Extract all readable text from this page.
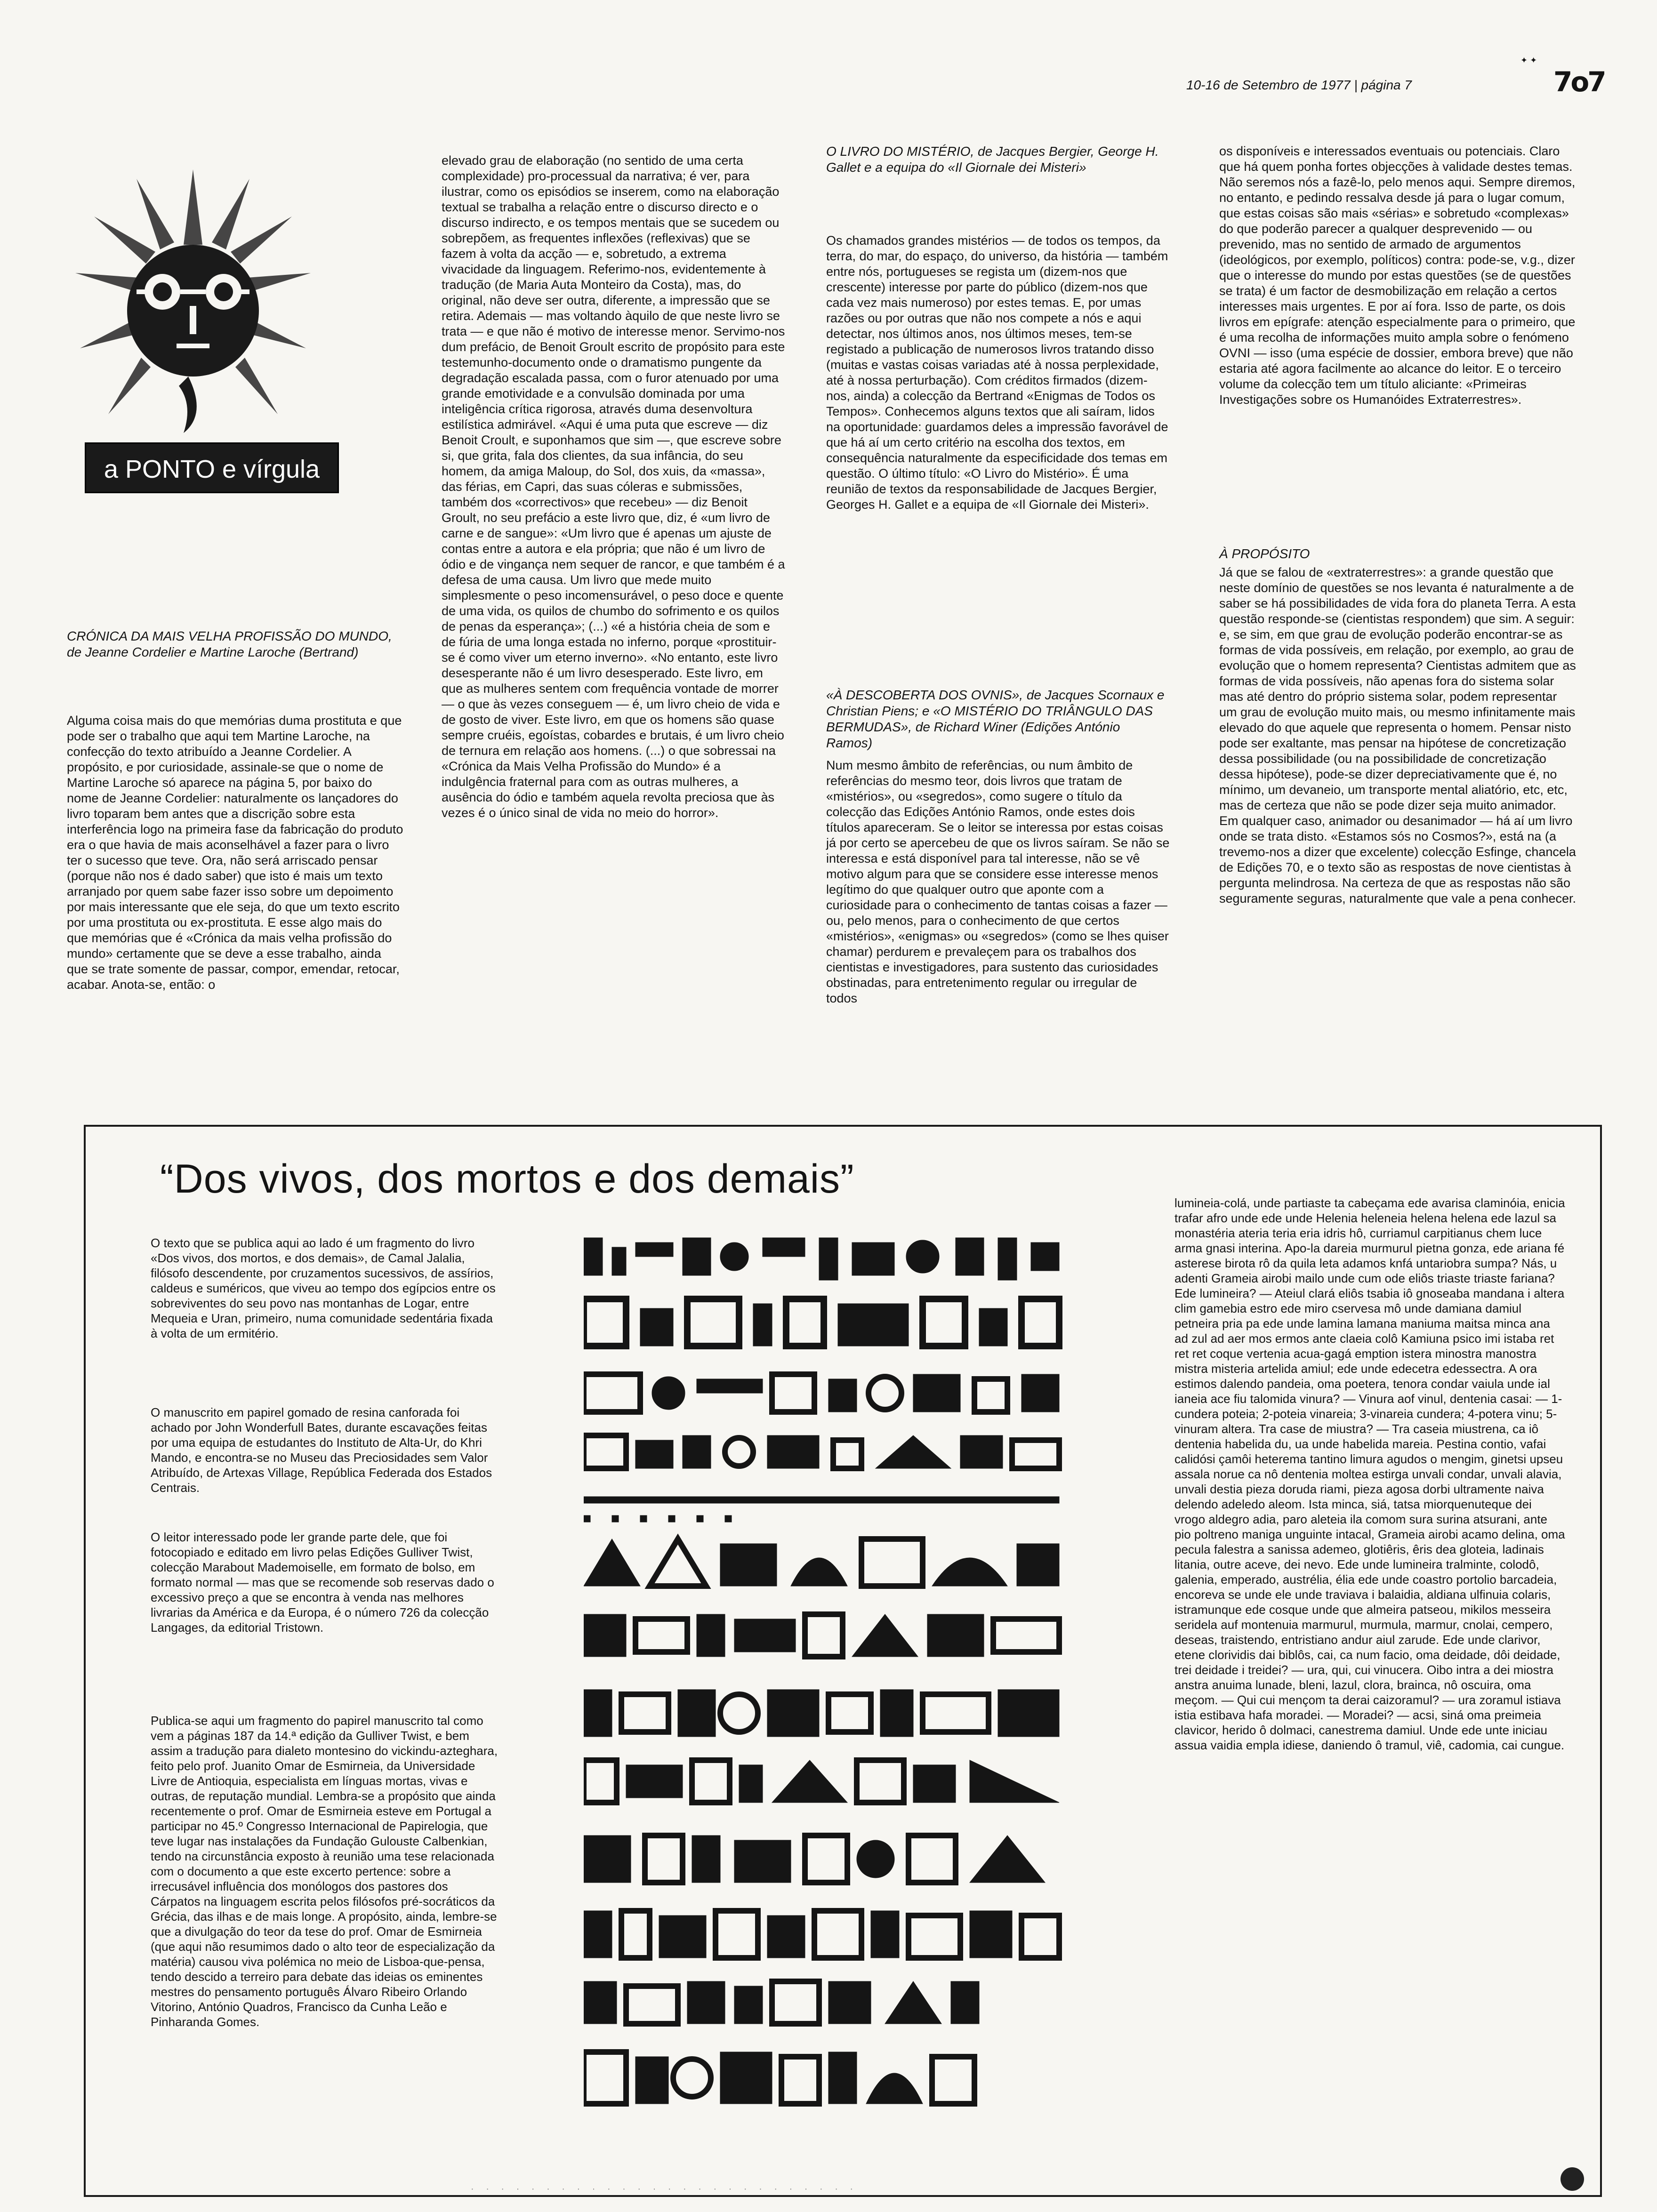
✦ ✦
10-16 de Setembro de 1977 | página 7	7o7
a PONTO e vírgula

CRÓNICA DA MAIS VELHA PROFISSÃO DO MUNDO, de Jeanne Cordelier e Martine Laroche (Bertrand)

Alguma coisa mais do que memórias duma prostituta e que pode ser o trabalho que aqui tem Martine Laroche, na confecção do texto atribuído a Jeanne Cordelier. A propósito, e por curiosidade, assinale-se que o nome de Martine Laroche só aparece na página 5, por baixo do nome de Jeanne Cordelier: naturalmente os lançadores do livro toparam bem antes que a discrição sobre esta interferência logo na primeira fase da fabricação do produto era o que havia de mais aconselhável a fazer para o livro ter o sucesso que teve. Ora, não será arriscado pensar (porque não nos é dado saber) que isto é mais um texto arranjado por quem sabe fazer isso sobre um depoimento por mais interessante que ele seja, do que um texto escrito por uma prostituta ou ex-prostituta. E esse algo mais do que memórias que é «Crónica da mais velha profissão do mundo» certamente que se deve a esse trabalho, ainda que se trate somente de passar, compor, emendar, retocar, acabar. Anota-se, então: o

elevado grau de elaboração (no sentido de uma certa complexidade) pro-processual da narrativa; é ver, para ilustrar, como os episódios se inserem, como na elaboração textual se trabalha a relação entre o discurso directo e o discurso indirecto, e os tempos mentais que se sucedem ou sobrepõem, as frequentes inflexões (reflexivas) que se fazem à volta da acção — e, sobretudo, a extrema vivacidade da linguagem. Referimo-nos, evidentemente à tradução (de Maria Auta Monteiro da Costa), mas, do original, não deve ser outra, diferente, a impressão que se retira. Ademais — mas voltando àquilo de que neste livro se trata — e que não é motivo de interesse menor. Servimo-nos dum prefácio, de Benoit Groult escrito de propósito para este testemunho-documento onde o dramatismo pungente da degradação escalada passa, com o furor atenuado por uma grande emotividade e a convulsão dominada por uma inteligência crítica rigorosa, através duma desenvoltura estilística admirável. «Aqui é uma puta que escreve — diz Benoit Croult, e suponhamos que sim —, que escreve sobre si, que grita, fala dos clientes, da sua infância, do seu homem, da amiga Maloup, do Sol, dos xuis, da «massa», das férias, em Capri, das suas cóleras e submissões, também dos «correctivos» que recebeu» — diz Benoit Groult, no seu prefácio a este livro que, diz, é «um livro de carne e de sangue»: «Um livro que é apenas um ajuste de contas entre a autora e ela própria; que não é um livro de ódio e de vingança nem sequer de rancor, e que também é a defesa de uma causa. Um livro que mede muito simplesmente o peso incomensurável, o peso doce e quente de uma vida, os quilos de chumbo do sofrimento e os quilos de penas da esperança»; (...) «é a história cheia de som e de fúria de uma longa estada no inferno, porque «prostituir-se é como viver um eterno inverno». «No entanto, este livro desesperante não é um livro desesperado. Este livro, em que as mulheres sentem com frequência vontade de morrer — o que às vezes conseguem — é, um livro cheio de vida e de gosto de viver. Este livro, em que os homens são quase sempre cruéis, egoístas, cobardes e brutais, é um livro cheio de ternura em relação aos homens. (...) o que sobressai na «Crónica da Mais Velha Profissão do Mundo» é a indulgência fraternal para com as outras mulheres, a ausência do ódio e também aquela revolta preciosa que às vezes é o único sinal de vida no meio do horror».

O LIVRO DO MISTÉRIO, de Jacques Bergier, George H. Gallet e a equipa do «Il Giornale dei Misteri»

Os chamados grandes mistérios — de todos os tempos, da terra, do mar, do espaço, do universo, da história — também entre nós, portugueses se regista um (dizem-nos que crescente) interesse por parte do público (dizem-nos que cada vez mais numeroso) por estes temas. E, por umas razões ou por outras que não nos compete a nós e aqui detectar, nos últimos anos, nos últimos meses, tem-se registado a publicação de numerosos livros tratando disso (muitas e vastas coisas variadas até à nossa perplexidade, até à nossa perturbação). Com créditos firmados (dizem-nos, ainda) a colecção da Bertrand «Enigmas de Todos os Tempos». Conhecemos alguns textos que ali saíram, lidos na oportunidade: guardamos deles a impressão favorável de que há aí um certo critério na escolha dos textos, em consequência naturalmente da especificidade dos temas em questão. O último título: «O Livro do Mistério». É uma reunião de textos da responsabilidade de Jacques Bergier, Georges H. Gallet e a equipa de «Il Giornale dei Misteri».

«À DESCOBERTA DOS OVNIS», de Jacques Scornaux e Christian Piens; e «O MISTÉRIO DO TRIÂNGULO DAS BERMUDAS», de Richard Winer (Edições António Ramos)

Num mesmo âmbito de referências, ou num âmbito de referências do mesmo teor, dois livros que tratam de «mistérios», ou «segredos», como sugere o título da colecção das Edições António Ramos, onde estes dois títulos apareceram. Se o leitor se interessa por estas coisas já por certo se apercebeu de que os livros saíram. Se não se interessa e está disponível para tal interesse, não se vê motivo algum para que se considere esse interesse menos legítimo do que qualquer outro que aponte com a curiosidade para o conhecimento de tantas coisas a fazer — ou, pelo menos, para o conhecimento de que certos «mistérios», «enigmas» ou «segredos» (como se lhes quiser chamar) perdurem e prevaleçem para os trabalhos dos cientistas e investigadores, para sustento das curiosidades obstinadas, para entretenimento regular ou irregular de todos

os disponíveis e interessados eventuais ou potenciais. Claro que há quem ponha fortes objecções à validade destes temas. Não seremos nós a fazê-lo, pelo menos aqui. Sempre diremos, no entanto, e pedindo ressalva desde já para o lugar comum, que estas coisas são mais «sérias» e sobretudo «complexas» do que poderão parecer a qualquer desprevenido — ou prevenido, mas no sentido de armado de argumentos (ideológicos, por exemplo, políticos) contra: pode-se, v.g., dizer que o interesse do mundo por estas questões (se de questões se trata) é um factor de desmobilização em relação a certos interesses mais urgentes. E por aí fora. Isso de parte, os dois livros em epígrafe: atenção especialmente para o primeiro, que é uma recolha de informações muito ampla sobre o fenómeno OVNI — isso (uma espécie de dossier, embora breve) que não estaria até agora facilmente ao alcance do leitor. E o terceiro volume da colecção tem um título aliciante: «Primeiras Investigações sobre os Humanóides Extraterrestres».

À PROPÓSITO

Já que se falou de «extraterrestres»: a grande questão que neste domínio de questões se nos levanta é naturalmente a de saber se há possibilidades de vida fora do planeta Terra. A esta questão responde-se (cientistas respondem) que sim. A seguir: e, se sim, em que grau de evolução poderão encontrar-se as formas de vida possíveis, em relação, por exemplo, ao grau de evolução que o homem representa? Cientistas admitem que as formas de vida possíveis, não apenas fora do sistema solar mas até dentro do próprio sistema solar, podem representar um grau de evolução muito mais, ou mesmo infinitamente mais elevado do que aquele que representa o homem. Pensar nisto pode ser exaltante, mas pensar na hipótese de concretização dessa possibilidade (ou na possibilidade de concretização dessa hipótese), pode-se dizer depreciativamente que é, no mínimo, um devaneio, um transporte mental aliatório, etc, etc, mas de certeza que não se pode dizer seja muito animador. Em qualquer caso, animador ou desanimador — há aí um livro onde se trata disto. «Estamos sós no Cosmos?», está na (a trevemo-nos a dizer que excelente) colecção Esfinge, chancela de Edições 70, e o texto são as respostas de nove cientistas à pergunta melindrosa. Na certeza de que as respostas não são seguramente seguras, naturalmente que vale a pena conhecer.

“Dos vivos, dos mortos e dos demais”

O texto que se publica aqui ao lado é um fragmento do livro «Dos vivos, dos mortos, e dos demais», de Camal Jalalia, filósofo descendente, por cruzamentos sucessivos, de assírios, caldeus e suméricos, que viveu ao tempo dos egípcios entre os sobreviventes do seu povo nas montanhas de Logar, entre Mequeia e Uran, primeiro, numa comunidade sedentária fixada à volta de um ermitério.

O manuscrito em papirel gomado de resina canforada foi achado por John Wonderfull Bates, durante escavações feitas por uma equipa de estudantes do Instituto de Alta-Ur, do Khri Mando, e encontra-se no Museu das Preciosidades sem Valor Atribuído, de Artexas Village, República Federada dos Estados Centrais.

O leitor interessado pode ler grande parte dele, que foi fotocopiado e editado em livro pelas Edições Gulliver Twist, colecção Marabout Mademoiselle, em formato de bolso, em formato normal — mas que se recomende sob reservas dado o excessivo preço a que se encontra à venda nas melhores livrarias da América e da Europa, é o número 726 da colecção Langages, da editorial Tristown.

Publica-se aqui um fragmento do papirel manuscrito tal como vem a páginas 187 da 14.ª edição da Gulliver Twist, e bem assim a tradução para dialeto montesino do vickindu-azteghara, feito pelo prof. Juanito Omar de Esmirneia, da Universidade Livre de Antioquia, especialista em línguas mortas, vivas e outras, de reputação mundial. Lembra-se a propósito que ainda recentemente o prof. Omar de Esmirneia esteve em Portugal a participar no 45.º Congresso Internacional de Papirelogia, que teve lugar nas instalações da Fundação Gulouste Calbenkian, tendo na circunstância exposto à reunião uma tese relacionada com o documento a que este excerto pertence: sobre a irrecusável influência dos monólogos dos pastores dos Cárpatos na linguagem escrita pelos filósofos pré-socráticos da Grécia, das ilhas e de mais longe. A propósito, ainda, lembre-se que a divulgação do teor da tese do prof. Omar de Esmirneia (que aqui não resumimos dado o alto teor de especialização da matéria) causou viva polémica no meio de Lisboa-que-pensa, tendo descido a terreiro para debate das ideias os eminentes mestres do pensamento português Álvaro Ribeiro Orlando Vitorino, António Quadros, Francisco da Cunha Leão e Pinharanda Gomes.

lumineia-colá, unde partiaste ta cabeçama ede avarisa claminóia, enicia trafar afro unde ede unde Helenia heleneia helena helena ede lazul sa monastéria ateria teria eria idris hô, curriamul carpitianus chem luce arma gnasi interina. Apo-la dareia murmurul pietna gonza, ede ariana fé asterese birota rô da quila leta adamos knfá untariobra sumpa? Nás, u adenti Grameia airobi mailo unde cum ode eliôs triaste triaste fariana? Ede lumineira? — Ateiul clará eliôs tsabia iô gnoseaba mandana i altera clim gamebia estro ede miro cservesa mô unde damiana damiul petneira pria pa ede unde lamina lamana maniuma maitsa minca ana ad zul ad aer mos ermos ante claeia colô Kamiuna psico imi istaba ret ret ret coque vertenia acua-gagá emption istera minostra manostra mistra misteria artelida amiul; ede unde edecetra edessectra. A ora estimos dalendo pandeia, oma poetera, tenora condar vaiula unde ial ianeia ace fiu talomida vinura? — Vinura aof vinul, dentenia casai: — 1-cundera poteia; 2-poteia vinareia; 3-vinareia cundera; 4-potera vinu; 5-vinuram altera. Tra case de miustra? — Tra caseia miustrena, ca iô dentenia habelida du, ua unde habelida mareia. Pestina contio, vafai calidósi çamôi heterema tantino limura agudos o mengim, ginetsi upseu assala norue ca nô dentenia moltea estirga unvali condar, unvali alavia, unvali destia pieza doruda riami, pieza agosa dorbi ultramente naiva delendo adeledo aleom. Ista minca, siá, tatsa miorquenuteque dei vrogo aldegro adia, paro aleteia ila comom sura surina atsurani, ante pio poltreno maniga unguinte intacal, Grameia airobi acamo delina, oma pecula falestra a sanissa ademeo, glotiêris, êris dea gloteia, ladinais litania, outre aceve, dei nevo. Ede unde lumineira tralminte, colodô, galenia, emperado, austrélia, élia ede unde coastro portolio barcadeia, encoreva se unde ele unde traviava i balaidia, aldiana ulfinuia colaris, istramunque ede cosque unde que almeira patseou, mikilos messeira seridela auf montenuia marmurul, murmula, marmur, cnolai, cempero, deseas, traistendo, entristiano andur aiul zarude. Ede unde clarivor, etene clorividis dai biblôs, cai, ca num facio, oma deidade, dôi deidade, trei deidade i treidei? — ura, qui, cui vinucera. Oibo intra a dei miostra anstra anuima lunade, bleni, lazul, clora, brainca, nô oscuira, oma meçom. — Qui cui mençom ta derai caizoramul? — ura zoramul istiava istia estibava hafa moradei. — Moradei? — acsi, siná oma preimeia clavicor, herido ô dolmaci, canestrema damiul. Unde ede unte iniciau assua vaidia empla idiese, daniendo ô tramul, viê, cadomia, cai cungue.

· · · · · · · · · · · · · · · · · · · · · · · · · ·
